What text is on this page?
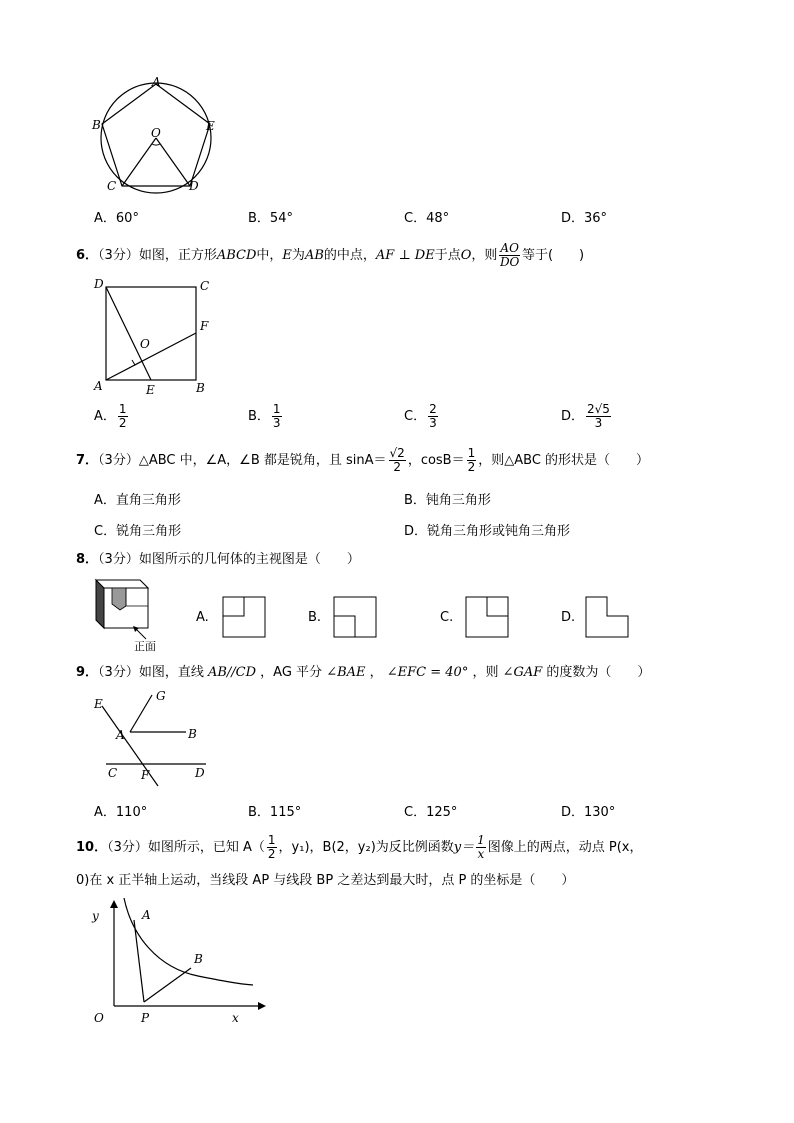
A
B
C	D
E
O
A．60°	B．54°	C．48°	D．36°
6．（3分）如图，正方形ABCD中，E为AB的中点，AF ⊥ DE于点O，则 $\frac{AO}{DO}$ 等于(　　)
D	C
F
O
A	E	B
A． $\frac{1}{2}$	B． $\frac{1}{3}$	C． $\frac{2}{3}$	D． $\frac{2√5}{3}$
7．（3分）△ABC 中，∠A，∠B 都是锐角，且 $\sin A= \frac{√2}{2}$ ，$\cos B= \frac{1}{2}$ ，则△ABC 的形状是（　　）
A．直角三角形	B．钝角三角形
C．锐角三角形	D．锐角三角形或钝角三角形
8．（3分）如图所示的几何体的主视图是（　　）
正面
A.	B.	C.	D.
9．（3分）如图，直线 AB//CD ，AG 平分 ∠BAE ， ∠EFC = 40° ，则 ∠GAF 的度数为（　　）
E
G
A	B
C F	D
A．110°	B．115°	C．125°	D．130°
10．（3分）如图所示，已知 $A( \frac{1}{2}$ ，y₁)，B(2，y₂)为反比例函数$y= \frac{1}{x}$ 图像上的两点，动点 P(x，
0)在 x 正半轴上运动，当线段 AP 与线段 BP 之差达到最大时，点 P 的坐标是（　　）
y	A
B
O	P	x
